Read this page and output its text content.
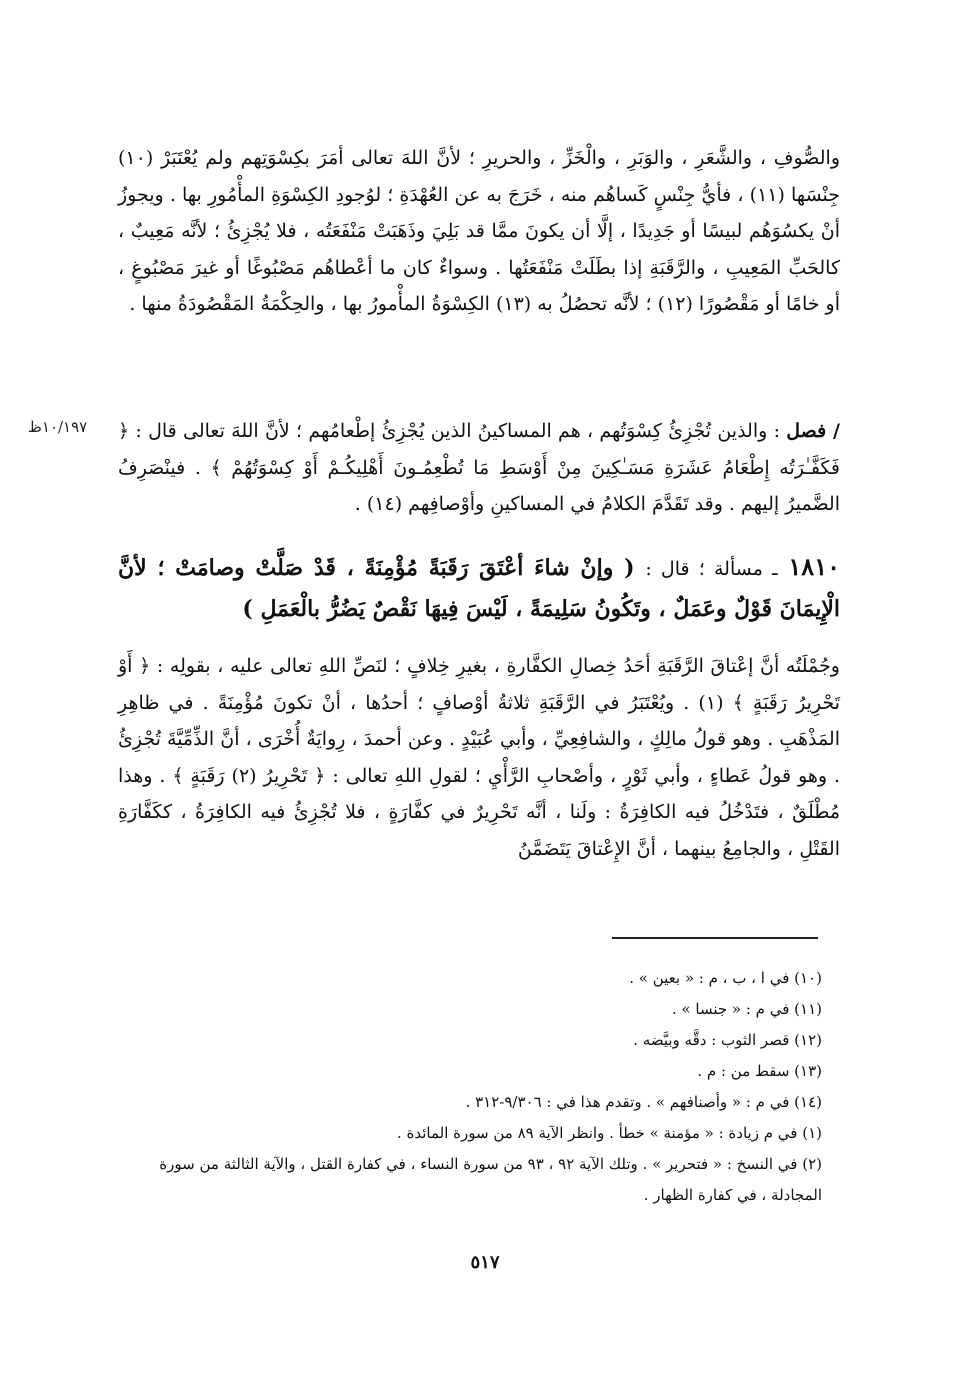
١٠/١٩٧ظ

والصُّوفِ ، والشَّعَرِ ، والوَبَرِ ، والْخَزِّ ، والحريرِ ؛ لأنَّ اللهَ تعالى أمَرَ بكِسْوَتِهم ولم يُعْتَبَرْ (١٠) جِنْسَها (١١) ، فأيُّ جِنْسٍ كَساهُم منه ، خَرَجَ به عن العُهْدَةِ ؛ لوُجودِ الكِسْوَةِ المأْمُورِ بها . ويجوزُ أنْ يكسُوَهُم لبيسًا أو جَدِيدًا ، إلَّا أن يكونَ ممَّا قد بَلِيَ وذَهَبَتْ مَنْفَعَتُه ، فلا يُجْزِئُ ؛ لأنَّه مَعِيبٌ ، كالحَبِّ المَعِيبِ ، والرَّقَبَةِ إذا بطَلَتْ مَنْفَعَتُها . وسواءٌ كان ما أعْطاهُم مَصْبُوغًا أو غيرَ مَصْبُوغٍ ، أو خامًا أو مَقْصُورًا (١٢) ؛ لأنَّه تحصُلُ به (١٣) الكِسْوَةُ المأْمورُ بها ، والحِكْمَةُ المَقْصُودَةُ منها .

/ فصل : والذين تُجْزِئُ كِسْوَتُهم ، هم المساكينُ الذين يُجْزِئُ إطْعامُهم ؛ لأنَّ اللهَ تعالى قال : ﴿ فَكَفَّـٰرَتُه إِطْعَامُ عَشَرَةِ مَسَـٰكِينَ مِنْ أَوْسَطِ مَا تُطْعِمُـونَ أَهْلِيكُـمْ أَوْ كِسْوَتُهُمْ ﴾ . فينْصَرِفُ الضَّميرُ إليهم . وقد تَقَدَّمَ الكلامُ في المساكينِ وأوْصافِهم (١٤) .

١٨١٠ ـ مسألة ؛ قال : ( وإنْ شاءَ أعْتَقَ رَقَبَةً مُؤْمِنَةً ، قَدْ صَلَّتْ وصامَتْ ؛ لأنَّ الْإِيمَانَ قَوْلٌ وعَمَلٌ ، وتَكُونُ سَلِيمَةً ، لَيْسَ فِيهَا نَقْصٌ يَضُرُّ بالْعَمَلِ )

وجُمْلَتُه أنَّ إعْتاقَ الرَّقَبَةِ أحَدُ خِصالِ الكفَّارةِ ، بغيرِ خِلافٍ ؛ لنَصِّ اللهِ تعالى عليه ، بقولِه : ﴿ أَوْ تَحْرِيرُ رَقَبَةٍ ﴾ (١) . ويُعْتَبَرُ في الرَّقَبَةِ ثلاثةُ أوْصافٍ ؛ أحدُها ، أنْ تكونَ مُؤْمِنَةً . في ظاهِرِ المَذْهَبِ . وهو قولُ مالِكٍ ، والشافِعِيِّ ، وأبي عُبَيْدٍ . وعن أحمدَ ، رِوايَةٌ أُخْرَى ، أنَّ الذِّمِّيَّةَ تُجْزِئُ . وهو قولُ عَطاءٍ ، وأبي ثَوْرٍ ، وأصْحابِ الرَّأْيِ ؛ لقولِ اللهِ تعالى : ﴿ تَحْرِيرُ (٢) رَقَبَةٍ ﴾ . وهذا مُطْلَقٌ ، فتَدْخُلُ فيه الكافِرَةُ : ولَنا ، أنَّه تَحْرِيرٌ في كفَّارَةٍ ، فلا تُجْزِئُ فيه الكافِرَةُ ، ككَفَّارَةِ القَتْلِ ، والجامِعُ بينهما ، أنَّ الإِعْتاقَ يَتَضَمَّنُ

(١٠) في ا ، ب ، م : « بعين » .
(١١) في م : « جنسا » .
(١٢) قصر الثوب : دقَّه وبيَّضه .
(١٣) سقط من : م .
(١٤) في م : « وأصنافهم » . وتقدم هذا في : ٩/٣٠٦-٣١٢ .
(١) في م زيادة : « مؤمنة » خطأ . وانظر الآية ٨٩ من سورة المائدة .
(٢) في النسخ : « فتحرير » . وتلك الآية ٩٢ ، ٩٣ من سورة النساء ، في كفارة القتل ، والآية الثالثة من سورة المجادلة ، في كفارة الظهار .
٥١٧
